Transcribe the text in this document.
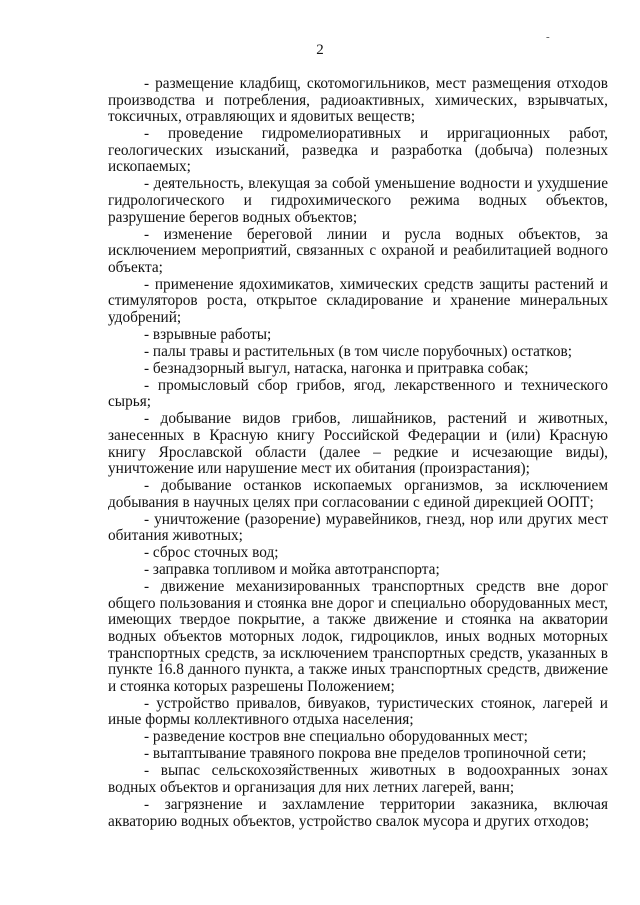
2
-

- размещение кладбищ, скотомогильников, мест размещения отходов производства и потребления, радиоактивных, химических, взрывчатых, токсичных, отравляющих и ядовитых веществ;

- проведение гидромелиоративных и ирригационных работ, геологических изысканий, разведка и разработка (добыча) полезных ископаемых;

- деятельность, влекущая за собой уменьшение водности и ухудшение гидрологического и гидрохимического режима водных объектов, разрушение берегов водных объектов;

- изменение береговой линии и русла водных объектов, за исключением мероприятий, связанных с охраной и реабилитацией водного объекта;

- применение ядохимикатов, химических средств защиты растений и стимуляторов роста, открытое складирование и хранение минеральных удобрений;

- взрывные работы;

- палы травы и растительных (в том числе порубочных) остатков;

- безнадзорный выгул, натаска, нагонка и притравка собак;

- промысловый сбор грибов, ягод, лекарственного и технического сырья;

- добывание видов грибов, лишайников, растений и животных, занесенных в Красную книгу Российской Федерации и (или) Красную книгу Ярославской области (далее – редкие и исчезающие виды), уничтожение или нарушение мест их обитания (произрастания);

- добывание останков ископаемых организмов, за исключением добывания в научных целях при согласовании с единой дирекцией ООПТ;

- уничтожение (разорение) муравейников, гнезд, нор или других мест обитания животных;

- сброс сточных вод;

- заправка топливом и мойка автотранспорта;

- движение механизированных транспортных средств вне дорог общего пользования и стоянка вне дорог и специально оборудованных мест, имеющих твердое покрытие, а также движение и стоянка на акватории водных объектов моторных лодок, гидроциклов, иных водных моторных транспортных средств, за исключением транспортных средств, указанных в пункте 16.8 данного пункта, а также иных транспортных средств, движение и стоянка которых разрешены Положением;

- устройство привалов, бивуаков, туристических стоянок, лагерей и иные формы коллективного отдыха населения;

- разведение костров вне специально оборудованных мест;

- вытаптывание травяного покрова вне пределов тропиночной сети;

- выпас сельскохозяйственных животных в водоохранных зонах водных объектов и организация для них летних лагерей, ванн;

- загрязнение и захламление территории заказника, включая акваторию водных объектов, устройство свалок мусора и других отходов;
